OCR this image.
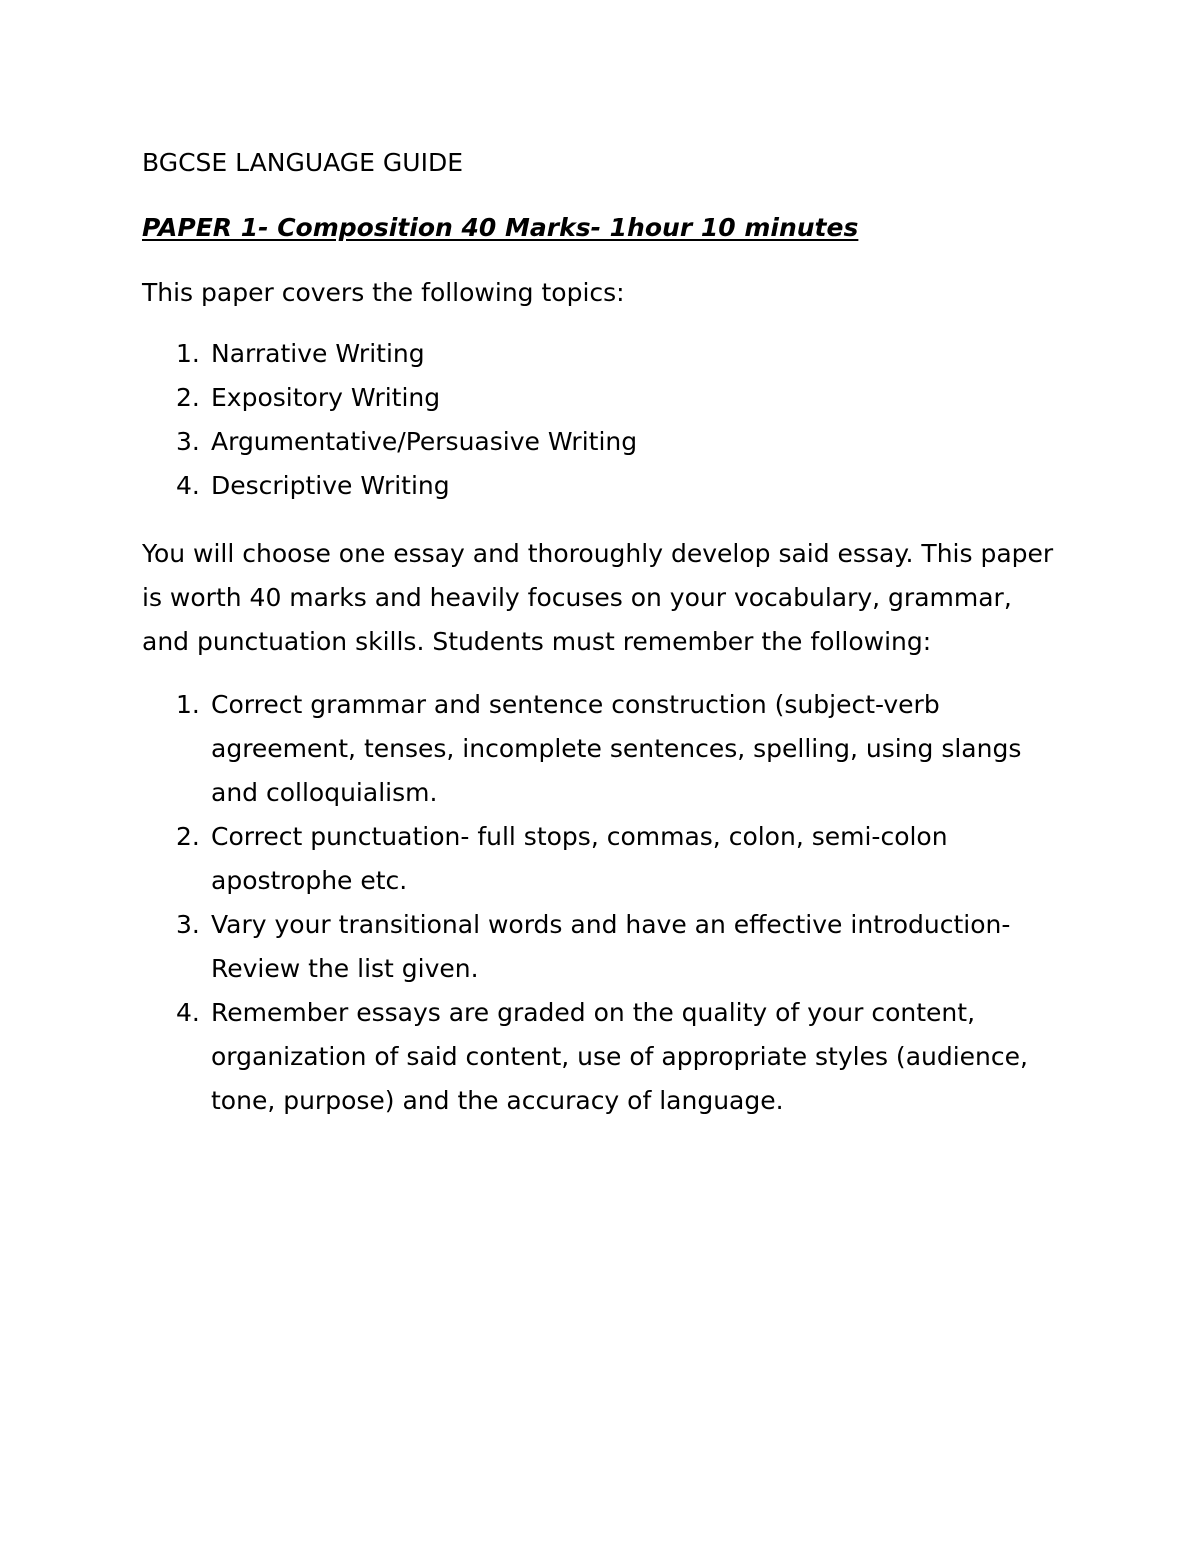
BGCSE LANGUAGE GUIDE
PAPER 1- Composition 40 Marks- 1hour 10 minutes

This paper covers the following topics:

1. Narrative Writing
2. Expository Writing
3. Argumentative/Persuasive Writing
4. Descriptive Writing

You will choose one essay and thoroughly develop said essay. This paper
is worth 40 marks and heavily focuses on your vocabulary, grammar,
and punctuation skills. Students must remember the following:

1. Correct grammar and sentence construction (subject-verb
agreement, tenses, incomplete sentences, spelling, using slangs
and colloquialism.
2. Correct punctuation- full stops, commas, colon, semi-colon
apostrophe etc.
3. Vary your transitional words and have an effective introduction-
Review the list given.
4. Remember essays are graded on the quality of your content,
organization of said content, use of appropriate styles (audience,
tone, purpose) and the accuracy of language.
